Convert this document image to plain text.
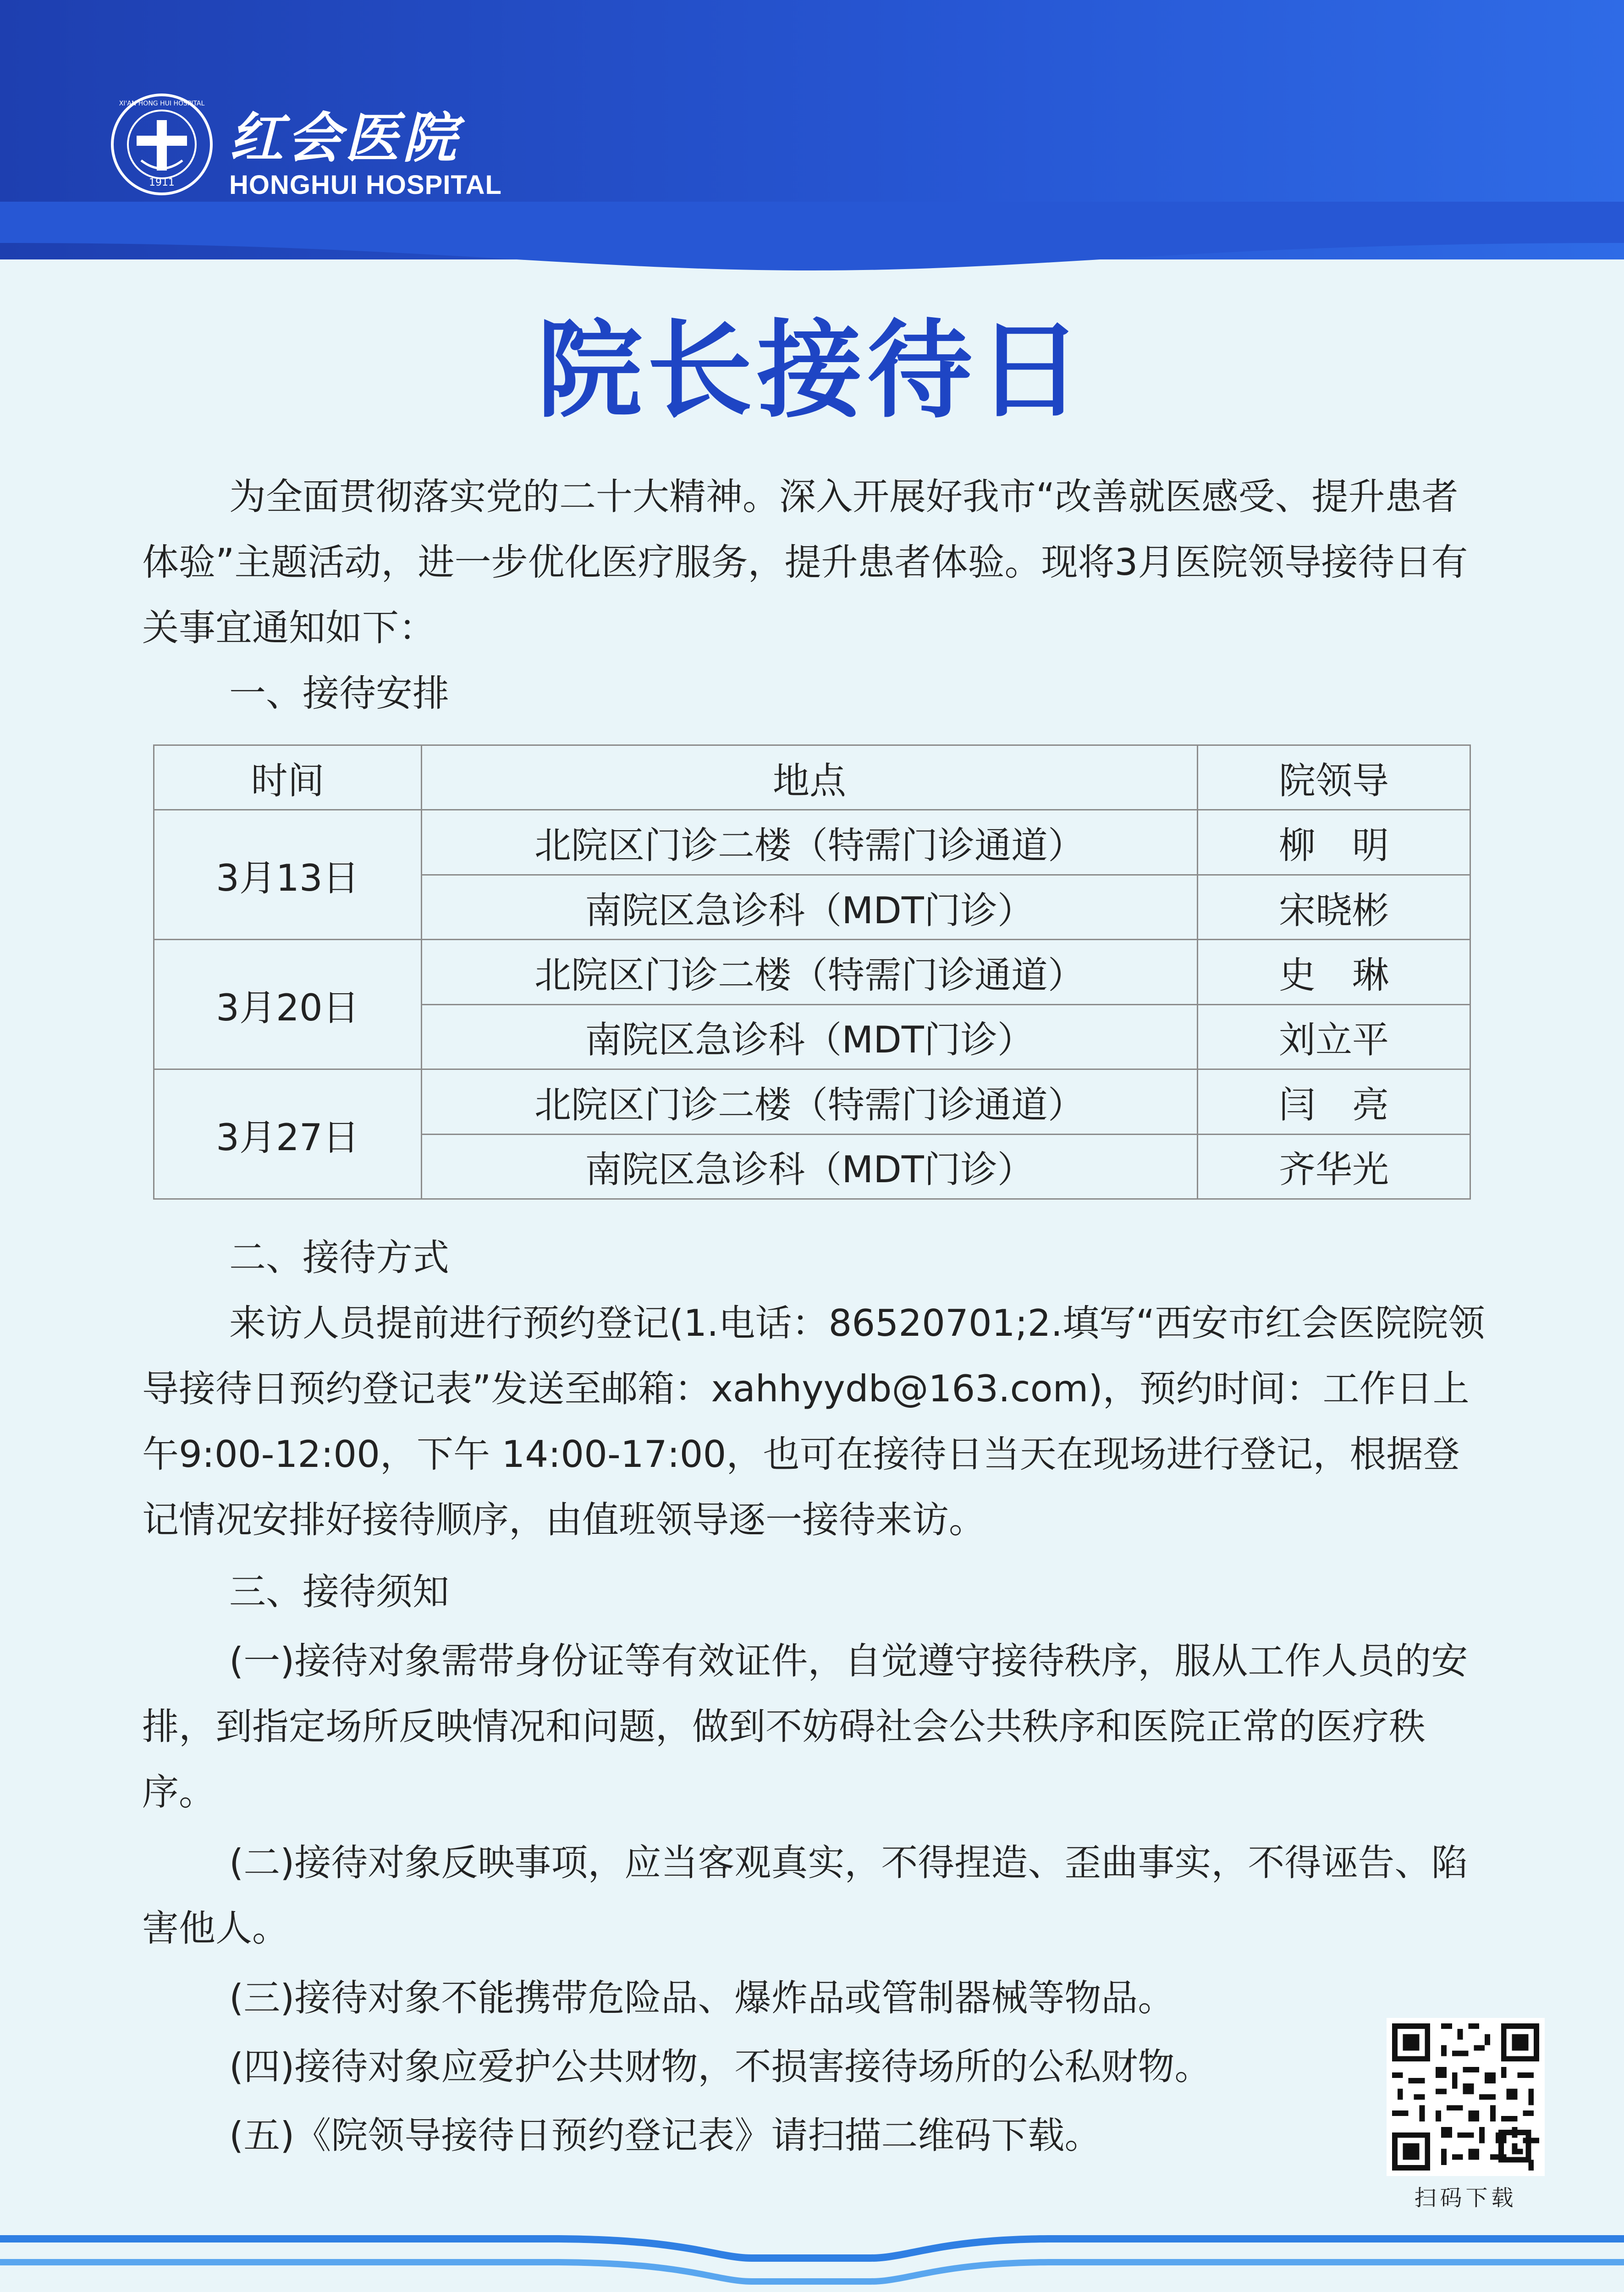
1911
XI'AN HONG HUI HOSPITAL
红会医院
HONGHUI HOSPITAL
院长接待日

为全面贯彻落实党的二十大精神。深入开展好我市“改善就医感受、提升患者体验”主题活动，进一步优化医疗服务，提升患者体验。现将3月医院领导接待日有关事宜通知如下：

一、接待安排

时间	地点	院领导
3月13日	北院区门诊二楼（特需门诊通道）	柳　明
	南院区急诊科（MDT门诊）	宋晓彬
3月20日	北院区门诊二楼（特需门诊通道）	史　琳
	南院区急诊科（MDT门诊）	刘立平
3月27日	北院区门诊二楼（特需门诊通道）	闫　亮
	南院区急诊科（MDT门诊）	齐华光

二、接待方式

来访人员提前进行预约登记(1.电话：86520701;2.填写“西安市红会医院院领导接待日预约登记表”发送至邮箱：xahhyydb@163.com)，预约时间：工作日上午9:00-12:00，下午 14:00-17:00，也可在接待日当天在现场进行登记，根据登记情况安排好接待顺序，由值班领导逐一接待来访。

三、接待须知

(一)接待对象需带身份证等有效证件，自觉遵守接待秩序，服从工作人员的安排，到指定场所反映情况和问题，做到不妨碍社会公共秩序和医院正常的医疗秩序。

(二)接待对象反映事项，应当客观真实，不得捏造、歪曲事实，不得诬告、陷害他人。

(三)接待对象不能携带危险品、爆炸品或管制器械等物品。

(四)接待对象应爱护公共财物，不损害接待场所的公私财物。

(五)《院领导接待日预约登记表》请扫描二维码下载。

扫码下载
